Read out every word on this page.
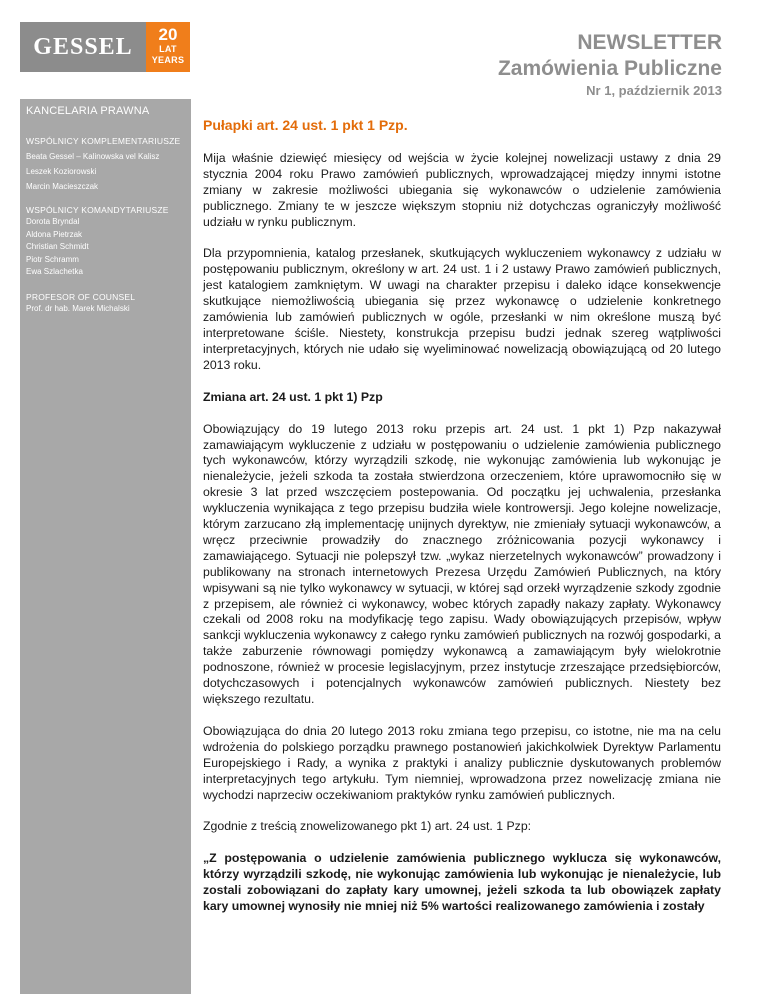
GESSEL	20
LAT
YEARS
NEWSLETTER
Zamówienia Publiczne
Nr 1, październik 2013
KANCELARIA PRAWNA
WSPÓLNICY KOMPLEMENTARIUSZE
Beata Gessel – Kalinowska vel Kalisz
Leszek Koziorowski
Marcin Macieszczak
WSPÓLNICY KOMANDYTARIUSZE
Dorota Bryndal
Aldona Pietrzak
Christian Schmidt
Piotr Schramm
Ewa Szlachetka
PROFESOR OF COUNSEL
Prof. dr hab. Marek Michalski
Pułapki art. 24 ust. 1 pkt 1 Pzp.

Mija właśnie dziewięć miesięcy od wejścia w życie kolejnej nowelizacji ustawy z dnia 29 stycznia 2004 roku Prawo zamówień publicznych, wprowadzającej między innymi istotne zmiany w zakresie możliwości ubiegania się wykonawców o udzielenie zamówienia publicznego. Zmiany te w jeszcze większym stopniu niż dotychczas ograniczyły możliwość udziału w rynku publicznym.

Dla przypomnienia, katalog przesłanek, skutkujących wykluczeniem wykonawcy z udziału w postępowaniu publicznym, określony w art. 24 ust. 1 i 2 ustawy Prawo zamówień publicznych, jest katalogiem zamkniętym. W uwagi na charakter przepisu i daleko idące konsekwencje skutkujące niemożliwością ubiegania się przez wykonawcę o udzielenie konkretnego zamówienia lub zamówień publicznych w ogóle, przesłanki w nim określone muszą być interpretowane ściśle. Niestety, konstrukcja przepisu budzi jednak szereg wątpliwości interpretacyjnych, których nie udało się wyeliminować nowelizacją obowiązującą od 20 lutego 2013 roku.

Zmiana art. 24 ust. 1 pkt 1) Pzp

Obowiązujący do 19 lutego 2013 roku przepis art. 24 ust. 1 pkt 1) Pzp nakazywał zamawiającym wykluczenie z udziału w postępowaniu o udzielenie zamówienia publicznego tych wykonawców, którzy wyrządzili szkodę, nie wykonując zamówienia lub wykonując je nienależycie, jeżeli szkoda ta została stwierdzona orzeczeniem, które uprawomocniło się w okresie 3 lat przed wszczęciem postepowania. Od początku jej uchwalenia, przesłanka wykluczenia wynikająca z tego przepisu budziła wiele kontrowersji. Jego kolejne nowelizacje, którym zarzucano złą implementację unijnych dyrektyw, nie zmieniały sytuacji wykonawców, a wręcz przeciwnie prowadziły do znacznego zróżnicowania pozycji wykonawcy i zamawiającego. Sytuacji nie polepszył tzw. „wykaz nierzetelnych wykonawców” prowadzony i publikowany na stronach internetowych Prezesa Urzędu Zamówień Publicznych, na który wpisywani są nie tylko wykonawcy w sytuacji, w której sąd orzekł wyrządzenie szkody zgodnie z przepisem, ale również ci wykonawcy, wobec których zapadły nakazy zapłaty. Wykonawcy czekali od 2008 roku na modyfikację tego zapisu. Wady obowiązujących przepisów, wpływ sankcji wykluczenia wykonawcy z całego rynku zamówień publicznych na rozwój gospodarki, a także zaburzenie równowagi pomiędzy wykonawcą a zamawiającym były wielokrotnie podnoszone, również w procesie legislacyjnym, przez instytucje zrzeszające przedsiębiorców, dotychczasowych i potencjalnych wykonawców zamówień publicznych. Niestety bez większego rezultatu.

Obowiązująca do dnia 20 lutego 2013 roku zmiana tego przepisu, co istotne, nie ma na celu wdrożenia do polskiego porządku prawnego postanowień jakichkolwiek Dyrektyw Parlamentu Europejskiego i Rady, a wynika z praktyki i analizy publicznie dyskutowanych problemów interpretacyjnych tego artykułu. Tym niemniej, wprowadzona przez nowelizację zmiana nie wychodzi naprzeciw oczekiwaniom praktyków rynku zamówień publicznych.

Zgodnie z treścią znowelizowanego pkt 1) art. 24 ust. 1 Pzp:

„Z postępowania o udzielenie zamówienia publicznego wyklucza się wykonawców, którzy wyrządzili szkodę, nie wykonując zamówienia lub wykonując je nienależycie, lub zostali zobowiązani do zapłaty kary umownej, jeżeli szkoda ta lub obowiązek zapłaty kary umownej wynosiły nie mniej niż 5% wartości realizowanego zamówienia i zostały
